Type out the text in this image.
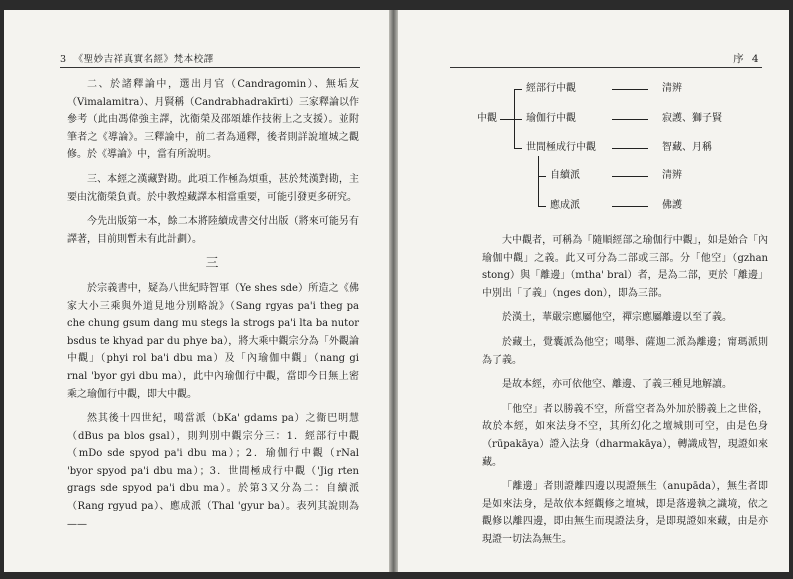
3 《聖妙吉祥真實名經》梵本校譯

二、於諸釋論中，選出月官（Candragomin）、無垢友（Vimalamitra）、月賢稱（Candrabhadrakīrti）三家釋論以作參考（此由馮偉強主譯，沈衞榮及邵頌雄作技術上之支援）。並附筆者之《導論》。三釋論中，前二者為通釋，後者則詳說壇城之觀修。於《導論》中，當有所說明。

三、本經之漢藏對勘。此項工作極為煩重，甚於梵漢對勘，主要由沈衞榮負責。於中教煌藏譯本相當重要，可能引發更多研究。

今先出版第一本，餘二本將陸續成書交付出版（將來可能另有譯著，目前則暫未有此計劃）。

三

於宗義書中，疑為八世紀時智軍（Ye shes sde）所造之《佛家大小三乘與外道見地分別略說》（Sang rgyas pa'i theg pa che chung gsum dang mu stegs la strogs pa'i lta ba nutor bsdus te khyad par du phye ba），將大乘中觀宗分為「外觀論中觀」（phyi rol ba'i dbu ma）及「內瑜伽中觀」（nang gi rnal 'byor gyi dbu ma），此中內瑜伽行中觀，當即今日無上密乘之瑜伽行中觀，即大中觀。

然其後十四世紀，噶當派（bKa' gdams pa）之衞巴明慧（dBus pa blos gsal），則判別中觀宗分三：1．經部行中觀（mDo sde spyod pa'i dbu ma）；2．瑜伽行中觀（rNal 'byor spyod pa'i dbu ma）；3．世間極成行中觀（'Jig rten grags sde spyod pa'i dbu ma）。於第3又分為二：自續派（Rang rgyud pa）、應成派（Thal 'gyur ba）。表列其說則為 ——

序 4
中觀
經部行中觀	清辨
瑜伽行中觀	寂護、獅子賢
世間極成行中觀	智藏、月稱
自續派	清辨
應成派	佛護

大中觀者，可稱為「隨順經部之瑜伽行中觀」，如是始合「內瑜伽中觀」之義。此又可分為二部或三部。分「他空」（gzhan stong）與「離邊」（mtha' bral）者，是為二部，更於「離邊」中別出「了義」（nges don），即為三部。

於漢土，華嚴宗應屬他空，禪宗應屬離邊以至了義。

於藏土，覺囊派為他空；噶舉、薩迦二派為離邊；甯瑪派則為了義。

是故本經，亦可依他空、離邊、了義三種見地解讀。

「他空」者以勝義不空，所當空者為外加於勝義上之世俗，故於本經，如來法身不空，其所幻化之壇城則可空，由是色身（rūpakāya）證入法身（dharmakāya），轉識成智，現證如來藏。

「離邊」者則證離四邊以現證無生（anupāda），無生者即是如來法身，是故依本經觀修之壇城，即是落邊執之識境，依之觀修以離四邊，即由無生而現證法身，是即現證如來藏，由是亦現證一切法為無生。
